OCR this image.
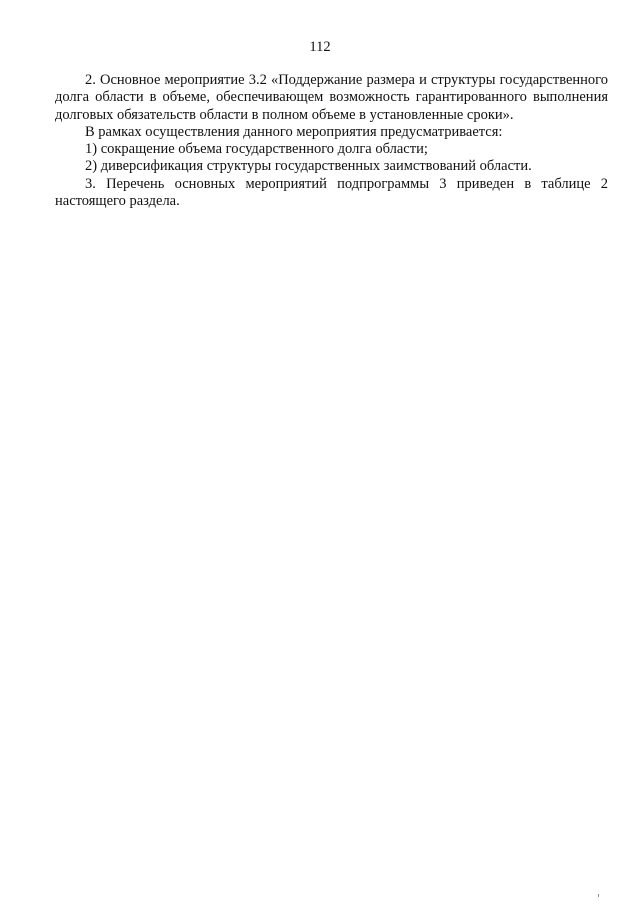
112

2. Основное мероприятие 3.2 «Поддержание размера и структуры государственного долга области в объеме, обеспечивающем возможность гарантированного выполнения долговых обязательств области в полном объеме в установленные сроки».

В рамках осуществления данного мероприятия предусматривается:

1) сокращение объема государственного долга области;

2) диверсификация структуры государственных заимствований области.

3. Перечень основных мероприятий подпрограммы 3 приведен в таблице 2 настоящего раздела.
